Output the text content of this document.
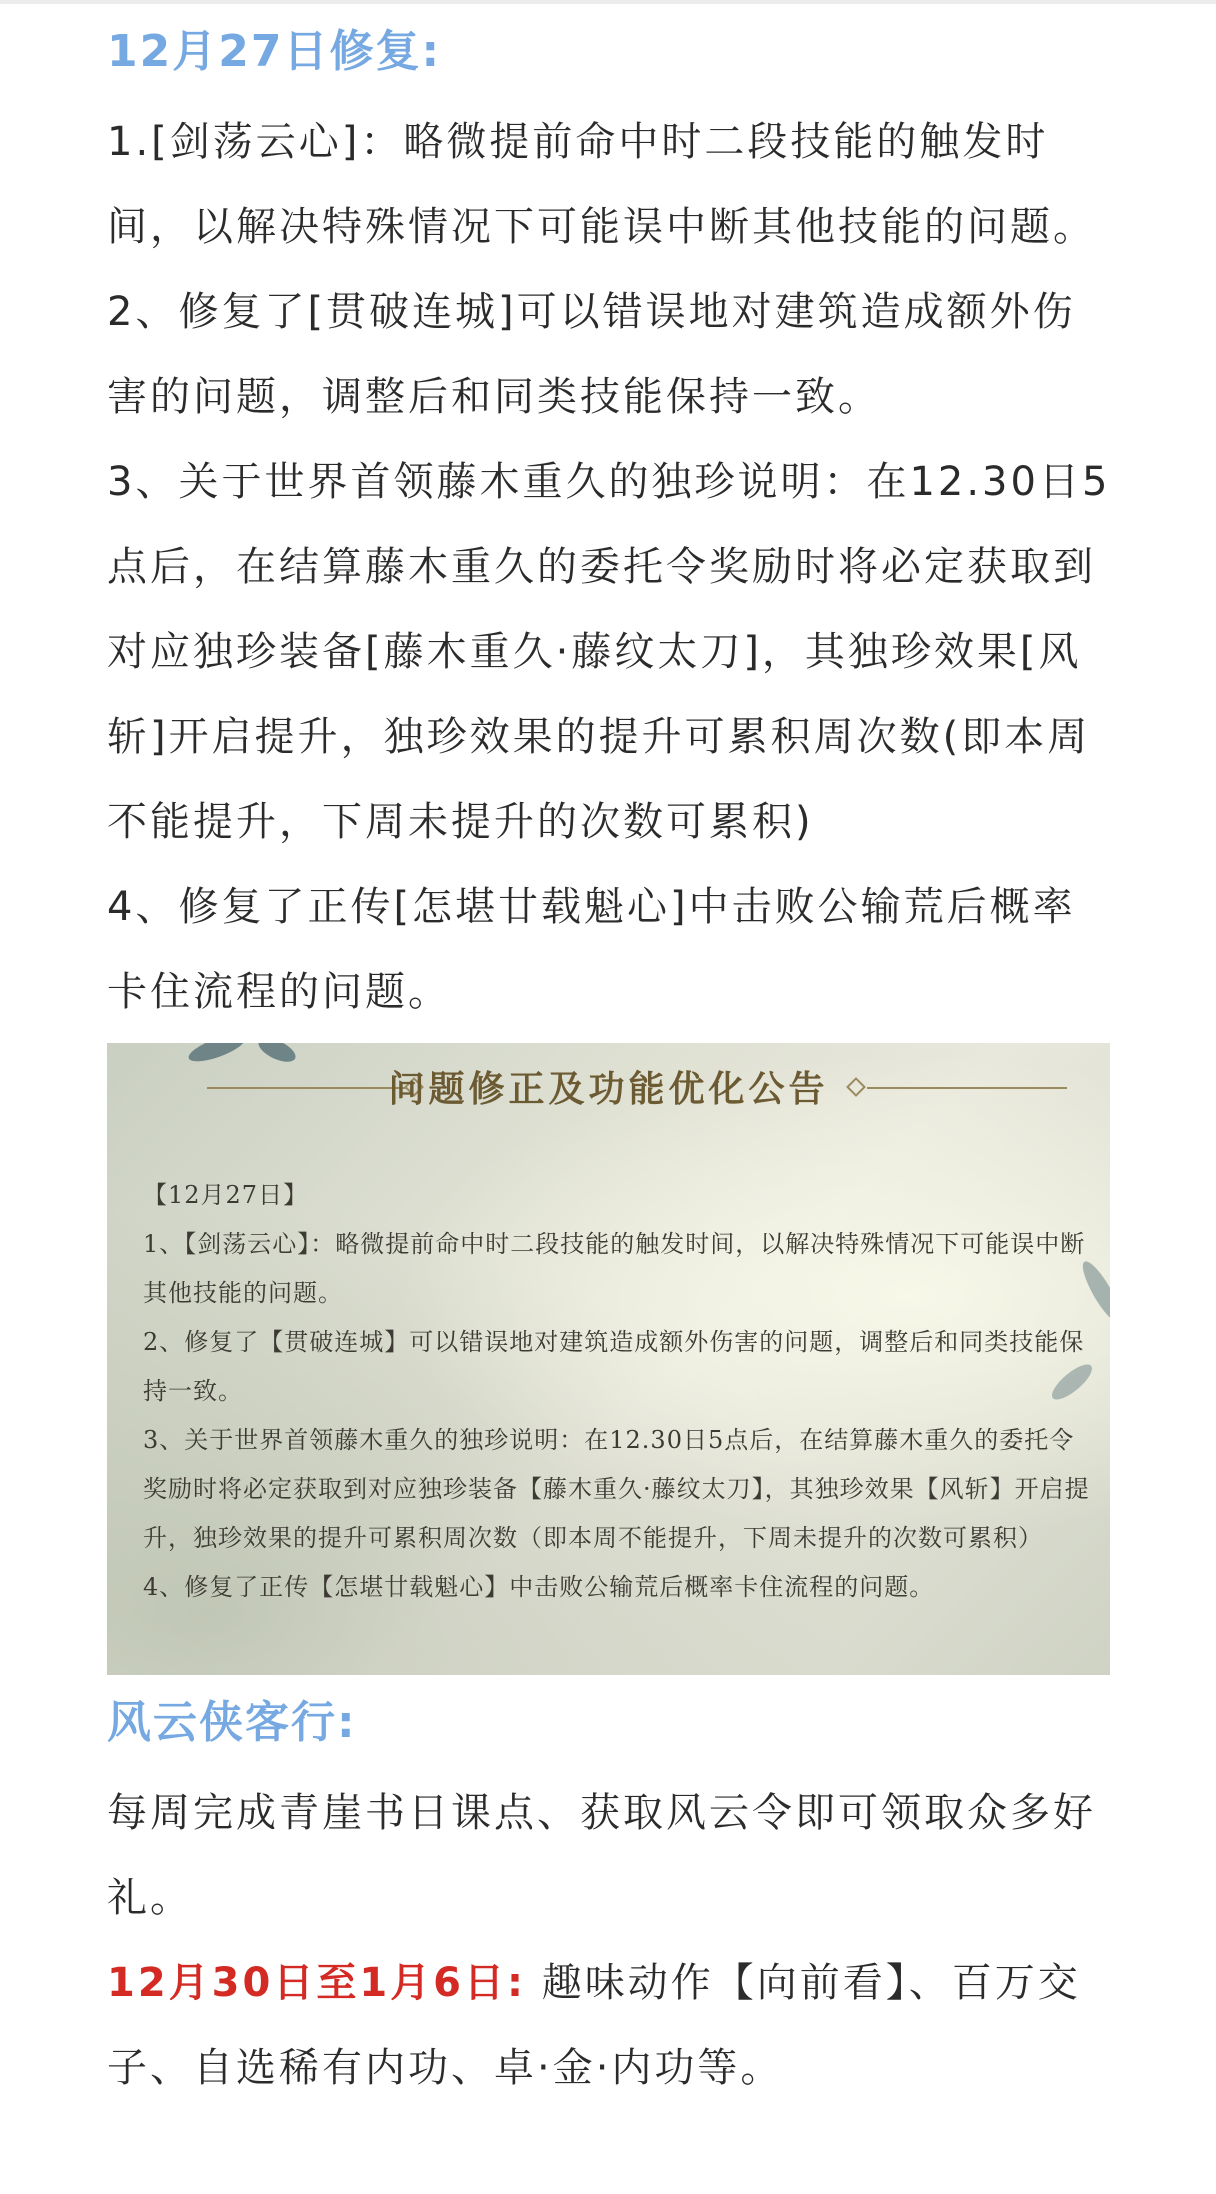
12月27日修复:

1.[剑荡云心]：略微提前命中时二段技能的触发时间，以解决特殊情况下可能误中断其他技能的问题。

2、修复了[贯破连城]可以错误地对建筑造成额外伤害的问题，调整后和同类技能保持一致。

3、关于世界首领藤木重久的独珍说明：在12.30日5点后，在结算藤木重久的委托令奖励时将必定获取到对应独珍装备[藤木重久·藤纹太刀]，其独珍效果[风斩]开启提升，独珍效果的提升可累积周次数(即本周不能提升，下周未提升的次数可累积)

4、修复了正传[怎堪廿载魁心]中击败公输荒后概率卡住流程的问题。

问题修正及功能优化公告

【12月27日】

1、【剑荡云心】：略微提前命中时二段技能的触发时间，以解决特殊情况下可能误中断其他技能的问题。

2、修复了【贯破连城】可以错误地对建筑造成额外伤害的问题，调整后和同类技能保持一致。

3、关于世界首领藤木重久的独珍说明：在12.30日5点后，在结算藤木重久的委托令奖励时将必定获取到对应独珍装备【藤木重久·藤纹太刀】，其独珍效果【风斩】开启提升，独珍效果的提升可累积周次数（即本周不能提升，下周未提升的次数可累积）

4、修复了正传【怎堪廿载魁心】中击败公输荒后概率卡住流程的问题。

风云侠客行:

每周完成青崖书日课点、获取风云令即可领取众多好礼。

12月30日至1月6日: 趣味动作【向前看】、百万交子、自选稀有内功、卓·金·内功等。
